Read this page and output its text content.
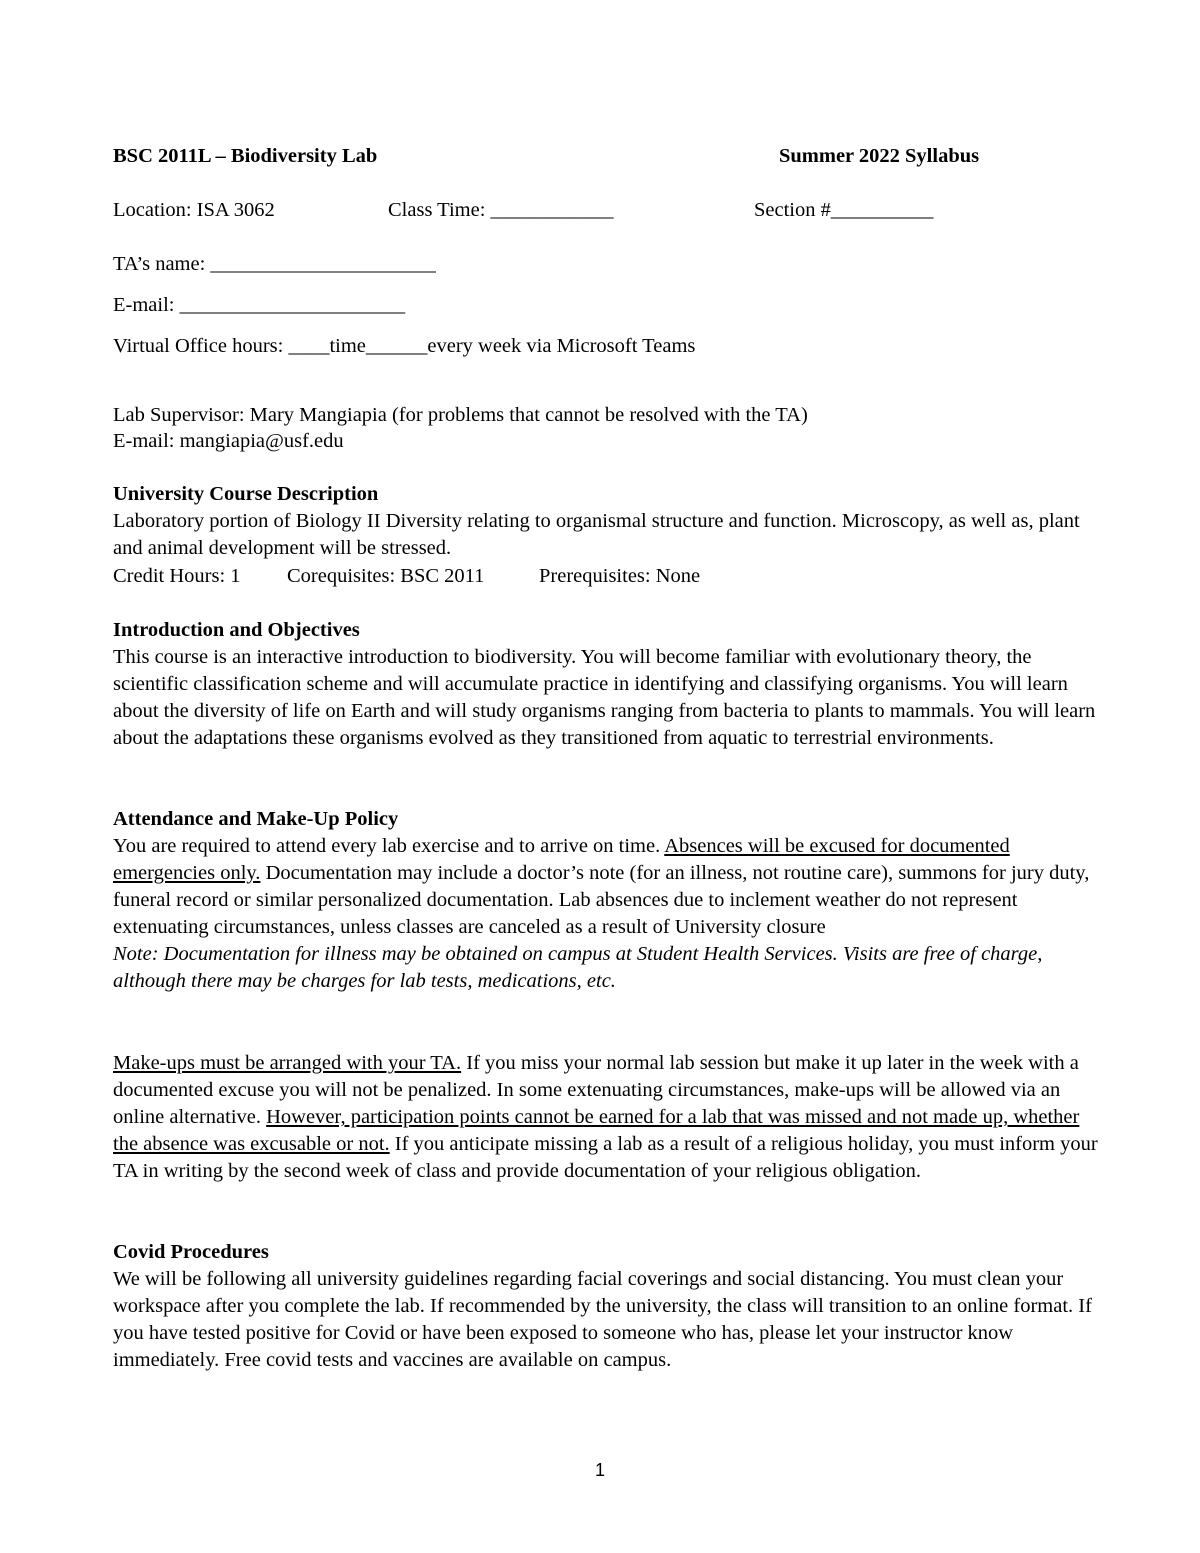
BSC 2011L – Biodiversity Lab	Summer 2022 Syllabus
Location: ISA 3062	Class Time: ____________	Section #__________
TA’s name: ______________________
E-mail: ______________________
Virtual Office hours: ____time______every week via Microsoft Teams
Lab Supervisor: Mary Mangiapia (for problems that cannot be resolved with the TA)
E-mail: mangiapia@usf.edu
University Course Description

Laboratory portion of Biology II Diversity relating to organismal structure and function. Microscopy, as well as, plant and animal development will be stressed.

Credit Hours: 1 Corequisites: BSC 2011	Prerequisites: None
Introduction and Objectives

This course is an interactive introduction to biodiversity. You will become familiar with evolutionary theory, the scientific classification scheme and will accumulate practice in identifying and classifying organisms. You will learn about the diversity of life on Earth and will study organisms ranging from bacteria to plants to mammals. You will learn about the adaptations these organisms evolved as they transitioned from aquatic to terrestrial environments.

Attendance and Make-Up Policy

You are required to attend every lab exercise and to arrive on time. Absences will be excused for documented emergencies only. Documentation may include a doctor’s note (for an illness, not routine care), summons for jury duty, funeral record or similar personalized documentation. Lab absences due to inclement weather do not represent extenuating circumstances, unless classes are canceled as a result of University closure

Note: Documentation for illness may be obtained on campus at Student Health Services. Visits are free of charge, although there may be charges for lab tests, medications, etc.

Make-ups must be arranged with your TA. If you miss your normal lab session but make it up later in the week with a documented excuse you will not be penalized. In some extenuating circumstances, make-ups will be allowed via an online alternative. However, participation points cannot be earned for a lab that was missed and not made up, whether the absence was excusable or not. If you anticipate missing a lab as a result of a religious holiday, you must inform your TA in writing by the second week of class and provide documentation of your religious obligation.

Covid Procedures

We will be following all university guidelines regarding facial coverings and social distancing. You must clean your workspace after you complete the lab. If recommended by the university, the class will transition to an online format. If you have tested positive for Covid or have been exposed to someone who has, please let your instructor know immediately. Free covid tests and vaccines are available on campus.

1
